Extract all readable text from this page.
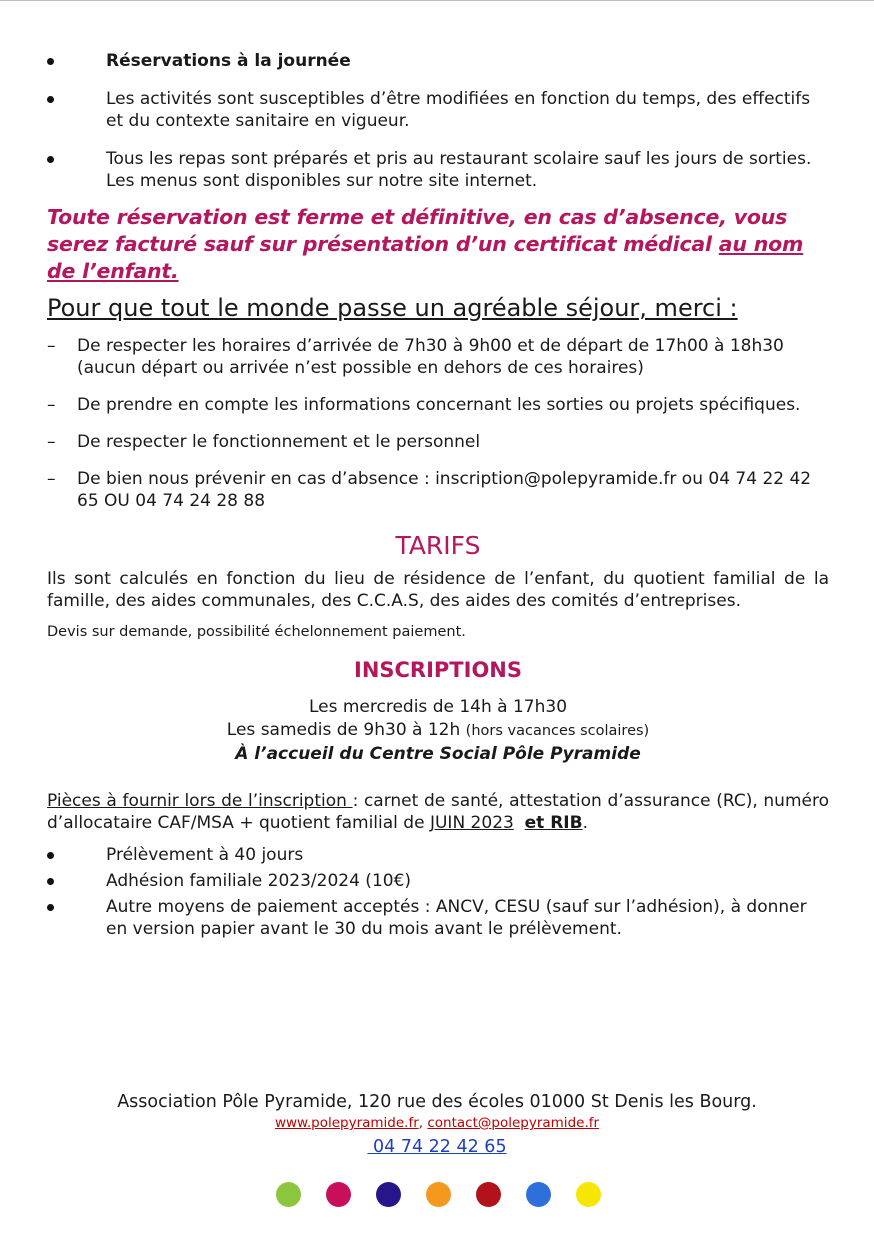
Réservations à la journée
Les activités sont susceptibles d’être modifiées en fonction du temps, des effectifs et du contexte sanitaire en vigueur.
Tous les repas sont préparés et pris au restaurant scolaire sauf les jours de sorties. Les menus sont disponibles sur notre site internet.

Toute réservation est ferme et définitive, en cas d’absence, vous serez facturé sauf sur présentation d’un certificat médical au nom de l’enfant.

Pour que tout le monde passe un agréable séjour, merci :
– De respecter les horaires d’arrivée de 7h30 à 9h00 et de départ de 17h00 à 18h30 (aucun départ ou arrivée n’est possible en dehors de ces horaires)
– De prendre en compte les informations concernant les sorties ou projets spécifiques.
– De respecter le fonctionnement et le personnel
– De bien nous prévenir en cas d’absence : inscription@polepyramide.fr ou 04 74 22 42 65 OU 04 74 24 28 88
TARIFS

Ils sont calculés en fonction du lieu de résidence de l’enfant, du quotient familial de la famille, des aides communales, des C.C.A.S, des aides des comités d’entreprises.

Devis sur demande, possibilité échelonnement paiement.

INSCRIPTIONS
Les mercredis de 14h à 17h30
Les samedis de 9h30 à 12h (hors vacances scolaires)
À l’accueil du Centre Social Pôle Pyramide

Pièces à fournir lors de l’inscription : carnet de santé, attestation d’assurance (RC), numéro d’allocataire CAF/MSA + quotient familial de JUIN 2023 et RIB.

Prélèvement à 40 jours
Adhésion familiale 2023/2024 (10€)
Autre moyens de paiement acceptés : ANCV, CESU (sauf sur l’adhésion), à donner en version papier avant le 30 du mois avant le prélèvement.
Association Pôle Pyramide, 120 rue des écoles 01000 St Denis les Bourg.
www.polepyramide.fr, contact@polepyramide.fr
04 74 22 42 65
